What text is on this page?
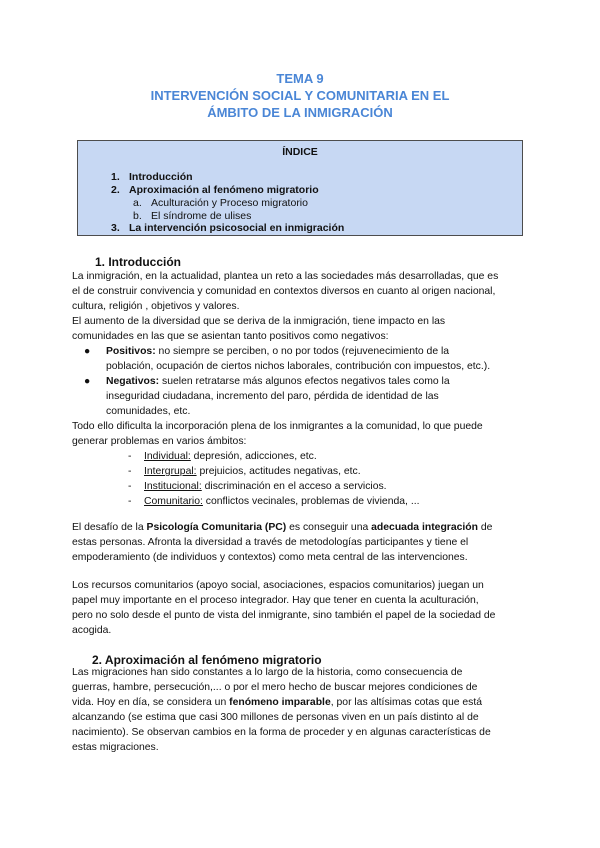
TEMA 9
INTERVENCIÓN SOCIAL Y COMUNITARIA EN EL
ÁMBITO DE LA INMIGRACIÓN
ÍNDICE
1. Introducción
2. Aproximación al fenómeno migratorio
a. Aculturación y Proceso migratorio
b. El síndrome de ulises
3. La intervención psicosocial en inmigración
1. Introducción
La inmigración, en la actualidad, plantea un reto a las sociedades más desarrolladas, que es
el de construir convivencia y comunidad en contextos diversos en cuanto al origen nacional,
cultura, religión , objetivos y valores.
El aumento de la diversidad que se deriva de la inmigración, tiene impacto en las
comunidades en las que se asientan tanto positivos como negativos:
●	Positivos: no siempre se perciben, o no por todos (rejuvenecimiento de la
población, ocupación de ciertos nichos laborales, contribución con impuestos, etc.).
●	Negativos: suelen retratarse más algunos efectos negativos tales como la
inseguridad ciudadana, incremento del paro, pérdida de identidad de las
comunidades, etc.
Todo ello dificulta la incorporación plena de los inmigrantes a la comunidad, lo que puede
generar problemas en varios ámbitos:
- Individual: depresión, adicciones, etc.
- Intergrupal: prejuicios, actitudes negativas, etc.
- Institucional: discriminación en el acceso a servicios.
- Comunitario: conflictos vecinales, problemas de vivienda, ...
El desafío de la Psicología Comunitaria (PC) es conseguir una adecuada integración de
estas personas. Afronta la diversidad a través de metodologías participantes y tiene el
empoderamiento (de individuos y contextos) como meta central de las intervenciones.
Los recursos comunitarios (apoyo social, asociaciones, espacios comunitarios) juegan un
papel muy importante en el proceso integrador. Hay que tener en cuenta la aculturación,
pero no solo desde el punto de vista del inmigrante, sino también el papel de la sociedad de
acogida.
2. Aproximación al fenómeno migratorio
Las migraciones han sido constantes a lo largo de la historia, como consecuencia de
guerras, hambre, persecución,... o por el mero hecho de buscar mejores condiciones de
vida. Hoy en día, se considera un fenómeno imparable, por las altísimas cotas que está
alcanzando (se estima que casi 300 millones de personas viven en un país distinto al de
nacimiento). Se observan cambios en la forma de proceder y en algunas características de
estas migraciones.
